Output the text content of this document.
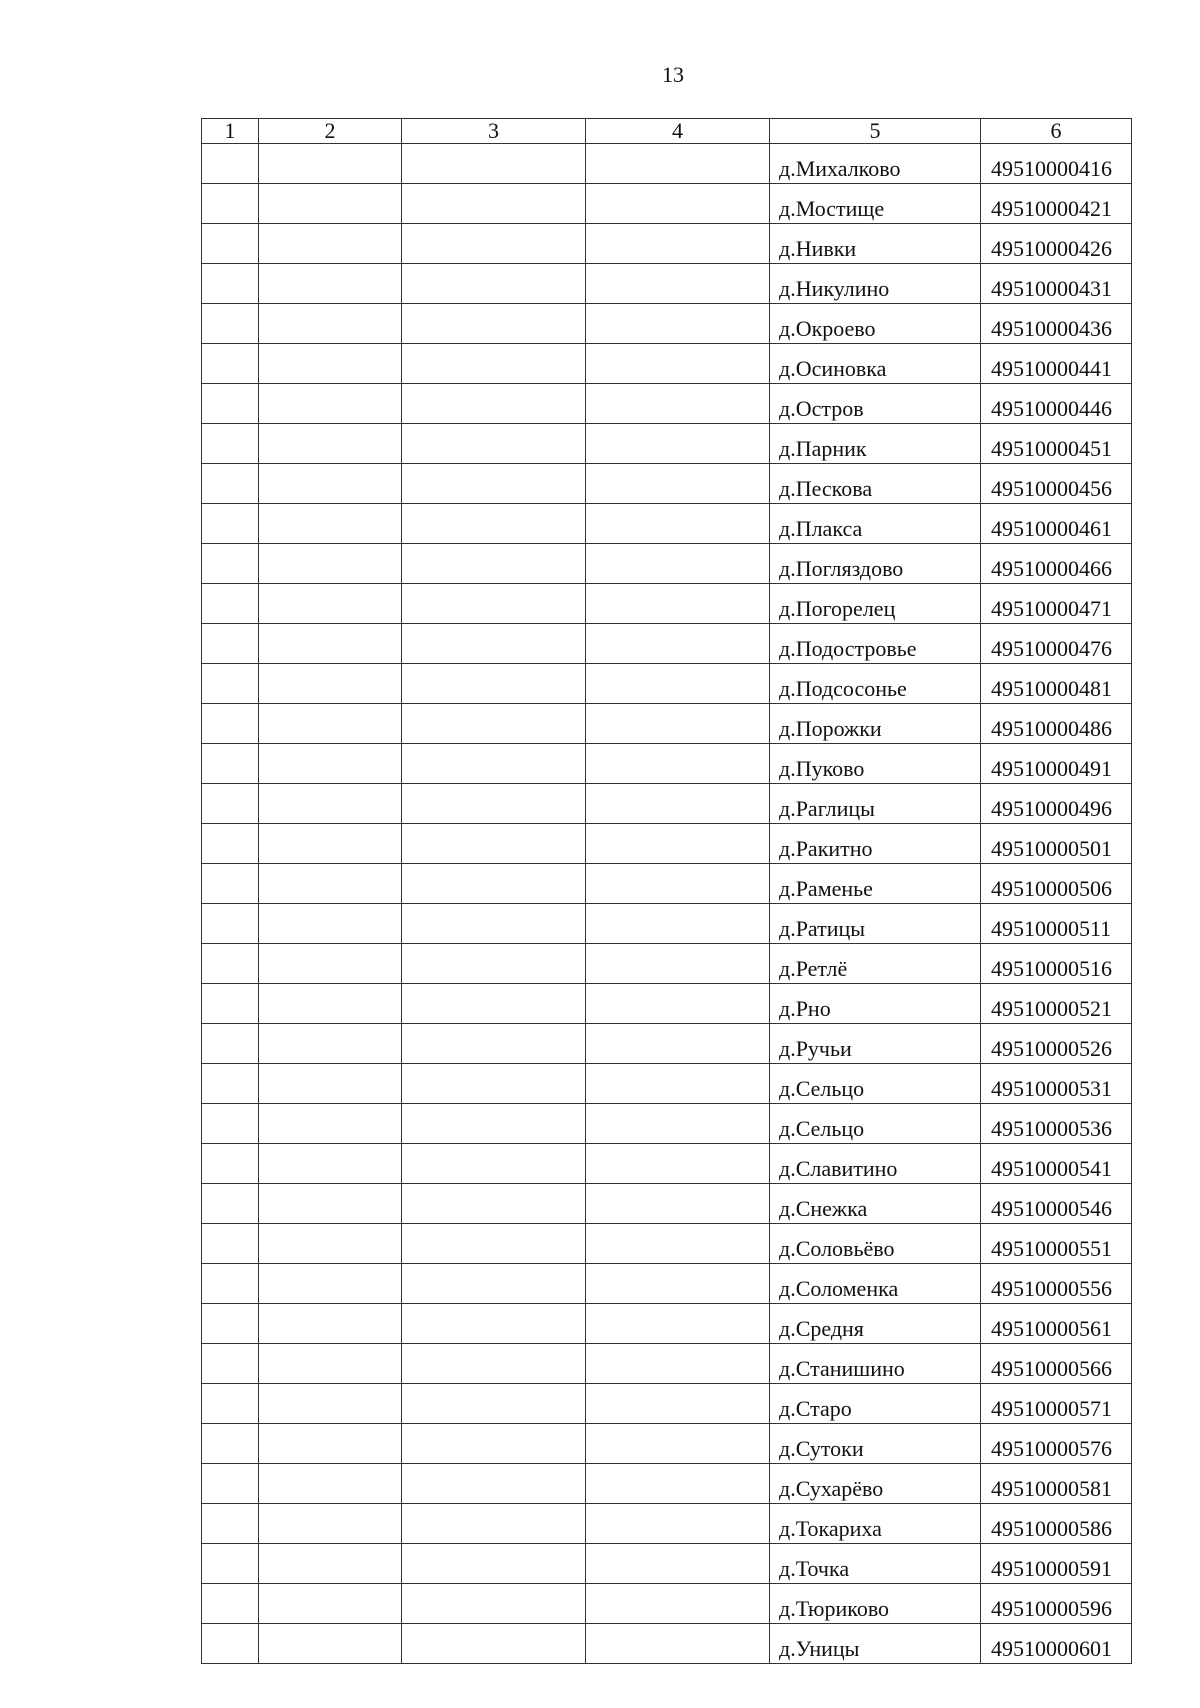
13
1	2	3	4	5	6
				д.Михалково	49510000416
				д.Мостище	49510000421
				д.Нивки	49510000426
				д.Никулино	49510000431
				д.Окроево	49510000436
				д.Осиновка	49510000441
				д.Остров	49510000446
				д.Парник	49510000451
				д.Пескова	49510000456
				д.Плакса	49510000461
				д.Погляздово	49510000466
				д.Погорелец	49510000471
				д.Подостровье	49510000476
				д.Подсосонье	49510000481
				д.Порожки	49510000486
				д.Пуково	49510000491
				д.Раглицы	49510000496
				д.Ракитно	49510000501
				д.Раменье	49510000506
				д.Ратицы	49510000511
				д.Ретлё	49510000516
				д.Рно	49510000521
				д.Ручьи	49510000526
				д.Сельцо	49510000531
				д.Сельцо	49510000536
				д.Славитино	49510000541
				д.Снежка	49510000546
				д.Соловьёво	49510000551
				д.Соломенка	49510000556
				д.Средня	49510000561
				д.Станишино	49510000566
				д.Старо	49510000571
				д.Сутоки	49510000576
				д.Сухарёво	49510000581
				д.Токариха	49510000586
				д.Точка	49510000591
				д.Тюриково	49510000596
				д.Уницы	49510000601
